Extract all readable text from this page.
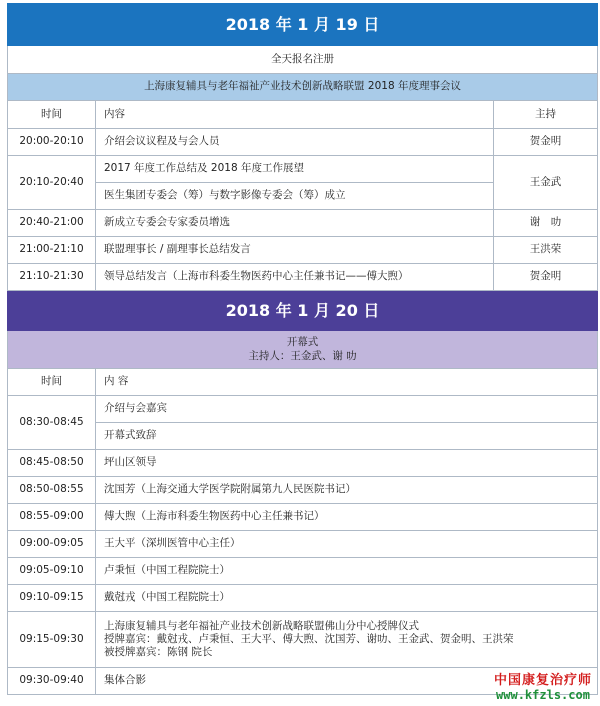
2018 年 1 月 19 日		
全天报名注册		
上海康复辅具与老年福祉产业技术创新战略联盟 2018 年度理事会议		
时间	内容	主持
20:00-20:10	介绍会议议程及与会人员	贺金明
20:10-20:40	2017 年度工作总结及 2018 年度工作展望	王金武
	医生集团专委会（筹）与数字影像专委会（筹）成立	
20:40-21:00	新成立专委会专家委员增选	谢　叻
21:00-21:10	联盟理事长 / 副理事长总结发言	王洪荣
21:10-21:30	领导总结发言（上海市科委生物医药中心主任兼书记——傅大煦）	贺金明
2018 年 1 月 20 日		

开幕式
主持人：王金武、谢 叻		

时间	内 容	
08:30-08:45	介绍与会嘉宾	
	开幕式致辞	
08:45-08:50	坪山区领导	
08:50-08:55	沈国芳（上海交通大学医学院附属第九人民医院书记）	
08:55-09:00	傅大煦（上海市科委生物医药中心主任兼书记）	
09:00-09:05	王大平（深圳医管中心主任）	
09:05-09:10	卢秉恒（中国工程院院士）	
09:10-09:15	戴尅戎（中国工程院院士）	
09:15-09:30	上海康复辅具与老年福祉产业技术创新战略联盟佛山分中心授牌仪式
授牌嘉宾：戴尅戎、卢秉恒、王大平、傅大煦、沈国芳、谢叻、王金武、贺金明、王洪荣
被授牌嘉宾：陈钢 院长	

09:30-09:40	集体合影		中国康复治疗师
www.kfzls.com
